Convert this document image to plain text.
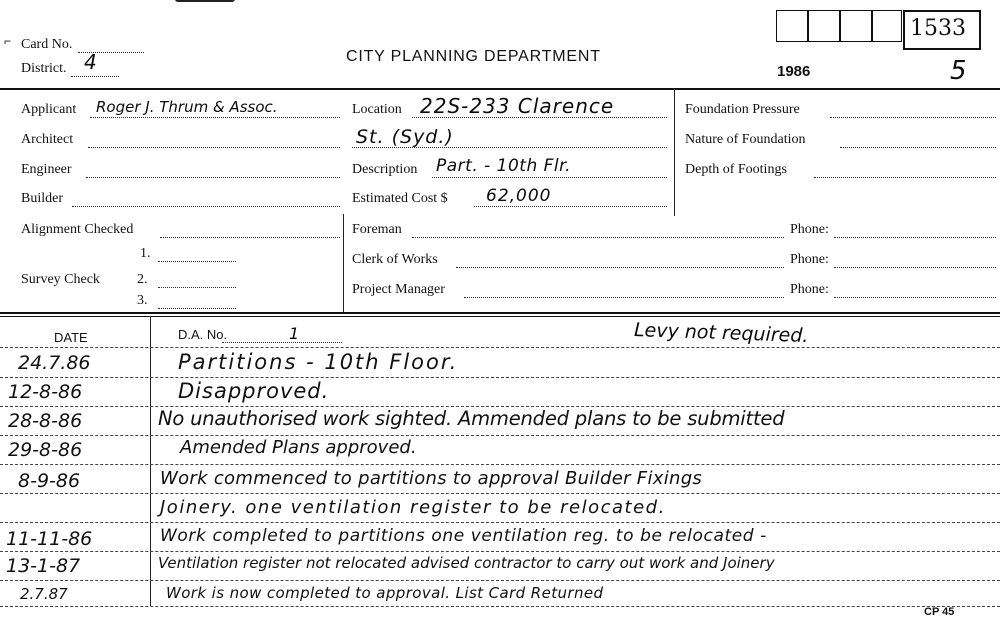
⌐ Card No.
District. 4	CITY PLANNING DEPARTMENT
1986
1533
5
Applicant Roger J. Thrum & Assoc.
Architect
Engineer
Builder
Alignment Checked
Survey Check
1.
2.
3.
Location 22S-233 Clarence
St. (Syd.)
Description Part. - 10th Flr.
Estimated Cost $ 62,000
Foreman	Phone:
Clerk of Works	Phone:
Project Manager	Phone:
Foundation Pressure
Nature of Foundation
Depth of Footings
DATE	D.A. No.	1	Levy not required.
24.7.86	Partitions - 10th Floor.
12-8-86	Disapproved.
28-8-86	No unauthorised work sighted. Ammended plans to be submitted
29-8-86	Amended Plans approved.
8-9-86	Work commenced to partitions to approval Builder Fixings
Joinery. one ventilation register to be relocated.
11-11-86	Work completed to partitions one ventilation reg. to be relocated -
13-1-87	Ventilation register not relocated advised contractor to carry out work and Joinery
2.7.87	Work is now completed to approval. List Card Returned
CP 45
